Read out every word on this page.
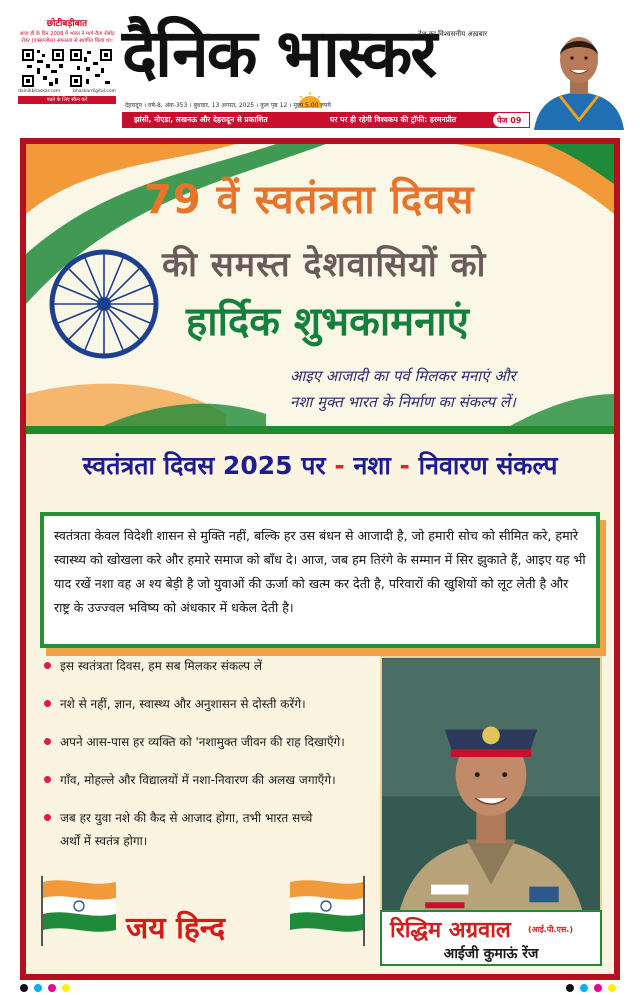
छोटीबड़ीबात
आज ही के दिन 2008 में भारत ने मार्ग-दैत्य रोबोट रोवर (एक्सप्लोरर) सफलता से स्थापित किया था।
dainikbhaskar.com	bhaskardigital.com
पढ़ने के लिए स्कैन करें
दैनिक भास्कर
देश का विश्वसनीय अख़बार
देहरादून । वर्ष-8, अंक-353 । बुधवार, 13 अगस्त, 2025 । कुल पृष्ठ 12 । मूल्य 5.00 रुपये
झांसी, नोएडा, लखनऊ और देहरादून से प्रकाशित	घर पर ही रहेगी विश्वकप की ट्रॉफी: हरमनप्रीत	पेज 09
79 वें स्वतंत्रता दिवस
की समस्त देशवासियों को
हार्दिक शुभकामनाएं
आइए आजादी का पर्व मिलकर मनाएं और
नशा मुक्त भारत के निर्माण का संकल्प लें।
स्वतंत्रता दिवस 2025 पर - नशा - निवारण संकल्प
स्वतंत्रता केवल विदेशी शासन से मुक्ति नहीं, बल्कि हर उस बंधन से आजादी है, जो हमारी सोच को सीमित करे, हमारे स्वास्थ्य को खोखला करे और हमारे समाज को बाँध दे। आज, जब हम तिरंगे के सम्मान में सिर झुकाते हैं, आइए यह भी याद रखें नशा वह अ श्य बेड़ी है जो युवाओं की ऊर्जा को खत्म कर देती है, परिवारों की खुशियों को लूट लेती है और राष्ट्र के उज्ज्वल भविष्य को अंधकार में धकेल देती है।
इस स्वतंत्रता दिवस, हम सब मिलकर संकल्प लें
नशे से नहीं, ज्ञान, स्वास्थ्य और अनुशासन से दोस्ती करेंगे।
अपने आस-पास हर व्यक्ति को 'नशामुक्त जीवन की राह दिखाएँगे।
गाँव, मोहल्ले और विद्यालयों में नशा-निवारण की अलख जगाएँगे।
जब हर युवा नशे की कैद से आजाद होगा, तभी भारत सच्चे
अर्थों में स्वतंत्र होगा।
जय हिन्द	रिद्धिम अग्रवाल (आई.पी.एस.)
आईजी कुमाऊं रेंज
